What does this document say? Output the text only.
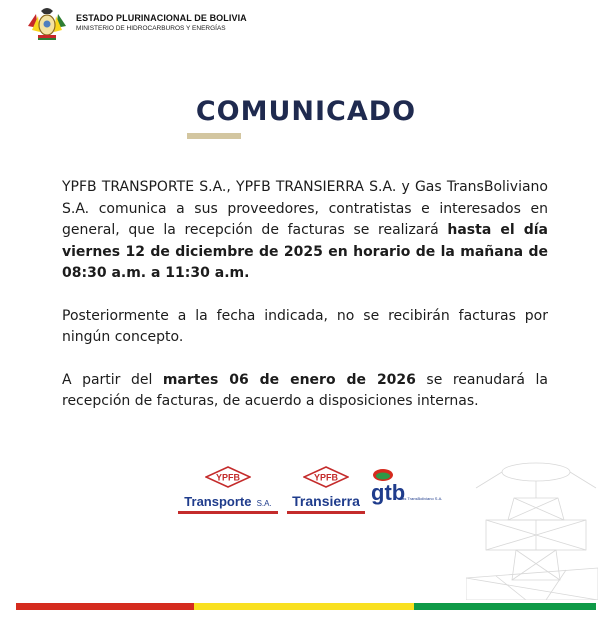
ESTADO PLURINACIONAL DE BOLIVIA
MINISTERIO DE HIDROCARBUROS Y ENERGÍAS
COMUNICADO

YPFB TRANSPORTE S.A., YPFB TRANSIERRA S.A. y Gas TransBoliviano S.A. comunica a sus proveedores, contratistas e interesados en general, que la recepción de facturas se realizará hasta el día viernes 12 de diciembre de 2025 en horario de la mañana de 08:30 a.m. a 11:30 a.m.

Posteriormente a la fecha indicada, no se recibirán facturas por ningún concepto.

A partir del martes 06 de enero de 2026 se reanudará la recepción de facturas, de acuerdo a disposiciones internas.

YPFB
Transporte S.A.
YPFB
Transierra gtb
Gas TransBoliviano S.A.
